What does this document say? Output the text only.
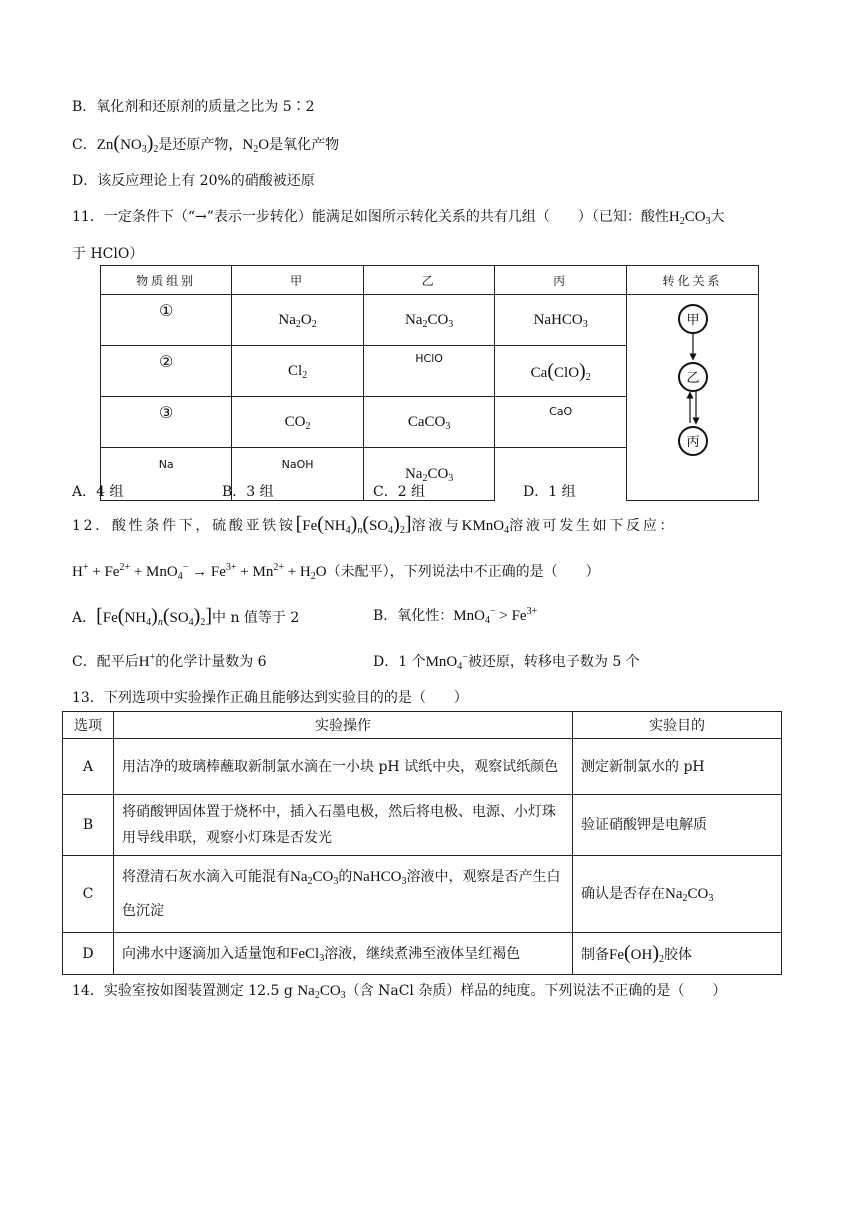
B．氧化剂和还原剂的质量之比为 5∶2
C．$Zn(NO_3)_2$是还原产物，$N_2O$是氧化产物
D．该反应理论上有 20%的硝酸被还原
11．一定条件下（“→”表示一步转化）能满足如图所示转化关系的共有几组（　　）（已知：酸性$H_2CO_3$大
于 HClO）
物质组别	甲	乙	丙	转化关系
①	$Na_2O_2$	$Na_2CO_3$	NaHCO$_3$	甲
乙
丙

②	$Cl_2$	HClO	$Ca(ClO)_2$
③	$CO_2$	CaCO$_3$	CaO	
Na	NaOH	$Na_2CO_3$
A．4 组	B．3 组	C．2 组	D．1 组
12．酸性条件下，硫酸亚铁铵$[Fe(NH_4)_n(SO_4)_2]$溶液与KMnO$_4$溶液可发生如下反应：
$H^+ + Fe^{2+} + MnO_4^- \to Fe^{3+} + Mn^{2+} + H_2O$（未配平），下列说法中不正确的是（　　）
A．$[Fe(NH_4)_n(SO_4)_2]$中 n 值等于 2	B．氧化性：$MnO_4^- > Fe^{3+}$
C．配平后H+的化学计量数为 6	D．1 个MnO$_4$−被还原，转移电子数为 5 个
13．下列选项中实验操作正确且能够达到实验目的的是（　　）
选项	实验操作	实验目的
A	用洁净的玻璃棒蘸取新制氯水滴在一小块 pH 试纸中央，观察试纸颜色	测定新制氯水的 pH
B	将硝酸钾固体置于烧杯中，插入石墨电极，然后将电极、电源、小灯珠用导线串联，观察小灯珠是否发光	验证硝酸钾是电解质
C	将澄清石灰水滴入可能混有$Na_2CO_3$的NaHCO$_3$溶液中，观察是否产生白色沉淀	确认是否存在$Na_2CO_3$
D	向沸水中逐滴加入适量饱和FeCl$_3$溶液，继续煮沸至液体呈红褐色	制备$Fe(OH)_2$胶体
14．实验室按如图装置测定 12.5 g $Na_2CO_3$（含 NaCl 杂质）样品的纯度。下列说法不正确的是（　　）
